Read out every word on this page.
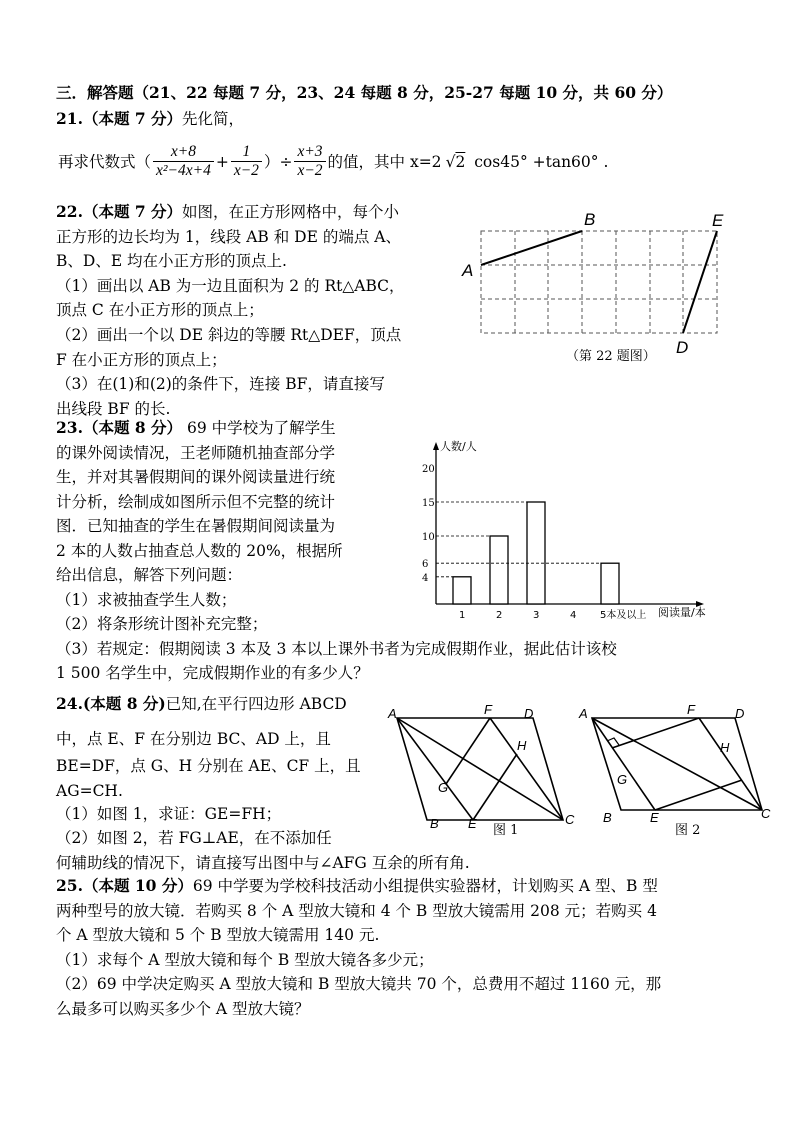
三．解答题（21、22 每题 7 分，23、24 每题 8 分，25-27 每题 10 分，共 60 分）
21.（本题 7 分）先化简，
再求代数式（ $\frac{x+8}{\text{x²−4x+4}} + \frac{1}{x-2}$ ）÷ $\frac{x+3}{x-2}$ 的值，其中 x=2 √2 cos45° +tan60° .
22.（本题 7 分）如图，在正方形网格中，每个小
正方形的边长均为 1，线段 AB 和 DE 的端点 A、
B、D、E 均在小正方形的顶点上.
（1）画出以 AB 为一边且面积为 2 的 Rt△ABC，
顶点 C 在小正方形的顶点上；
（2）画出一个以 DE 斜边的等腰 Rt△DEF，顶点
F 在小正方形的顶点上；
（3）在(1)和(2)的条件下，连接 BF，请直接写
出线段 BF 的长.
A
B	E
D
（第 22 题图）
23.（本题 8 分） 69 中学校为了解学生
的课外阅读情况，王老师随机抽查部分学
生，并对其暑假期间的课外阅读量进行统
计分析，绘制成如图所示但不完整的统计
图．已知抽查的学生在暑假期间阅读量为
2 本的人数占抽查总人数的 20%，根据所
给出信息，解答下列问题：
（1）求被抽查学生人数；
（2）将条形统计图补充完整；
（3）若规定：假期阅读 3 本及 3 本以上课外书者为完成假期作业，据此估计该校
1 500 名学生中，完成假期作业的有多少人？
人数/人
阅读量/本
4
6
10
15
20
1	2	3	4 5本及以上
24.(本题 8 分)已知,在平行四边形 ABCD
中，点 E、F 在分别边 BC、AD 上，且
BE=DF，点 G、H 分别在 AE、CF 上，且
AG=CH.
（1）如图 1，求证：GE=FH；
（2）如图 2，若 FG⊥AE，在不添加任
何辅助线的情况下，请直接写出图中与∠AFG 互余的所有角.
A	F D
H
G
B E	C
图 1
A	F	D
H
G
B	E	C
图 2
25.（本题 10 分）69 中学要为学校科技活动小组提供实验器材，计划购买 A 型、B 型
两种型号的放大镜．若购买 8 个 A 型放大镜和 4 个 B 型放大镜需用 208 元；若购买 4
个 A 型放大镜和 5 个 B 型放大镜需用 140 元.
（1）求每个 A 型放大镜和每个 B 型放大镜各多少元；
（2）69 中学决定购买 A 型放大镜和 B 型放大镜共 70 个，总费用不超过 1160 元，那
么最多可以购买多少个 A 型放大镜？
